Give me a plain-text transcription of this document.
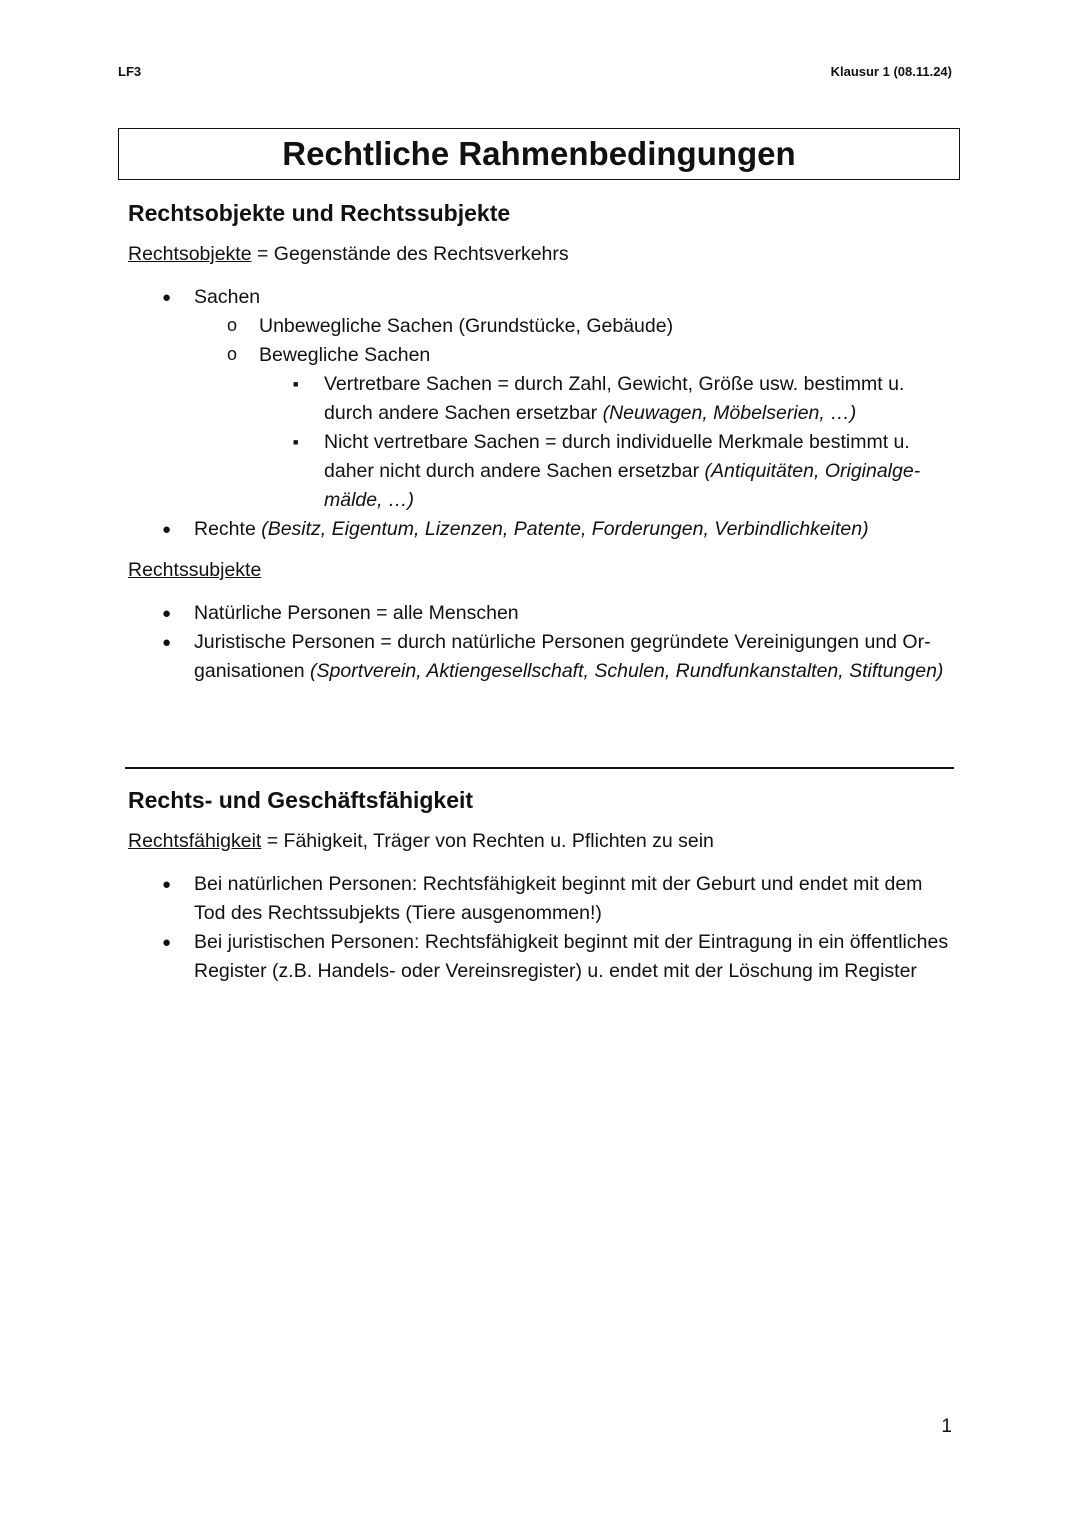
LF3	Klausur 1 (08.11.24)
Rechtliche Rahmenbedingungen
Rechtsobjekte und Rechtssubjekte

Rechtsobjekte = Gegenstände des Rechtsverkehrs

● Sachen
o Unbewegliche Sachen (Grundstücke, Gebäude)
o Bewegliche Sachen
■ Vertretbare Sachen = durch Zahl, Gewicht, Größe usw. bestimmt u. durch andere Sachen ersetzbar (Neuwagen, Möbelserien, …)
■ Nicht vertretbare Sachen = durch individuelle Merkmale bestimmt u. daher nicht durch andere Sachen ersetzbar (Antiquitäten, Originalgemälde, …)
● Rechte (Besitz, Eigentum, Lizenzen, Patente, Forderungen, Verbindlichkeiten)

Rechtssubjekte

● Natürliche Personen = alle Menschen
● Juristische Personen = durch natürliche Personen gegründete Vereinigungen und Organisationen (Sportverein, Aktiengesellschaft, Schulen, Rundfunkanstalten, Stiftungen)
Rechts- und Geschäftsfähigkeit

Rechtsfähigkeit = Fähigkeit, Träger von Rechten u. Pflichten zu sein

● Bei natürlichen Personen: Rechtsfähigkeit beginnt mit der Geburt und endet mit dem Tod des Rechtssubjekts (Tiere ausgenommen!)
● Bei juristischen Personen: Rechtsfähigkeit beginnt mit der Eintragung in ein öffentliches Register (z.B. Handels- oder Vereinsregister) u. endet mit der Löschung im Register
1
